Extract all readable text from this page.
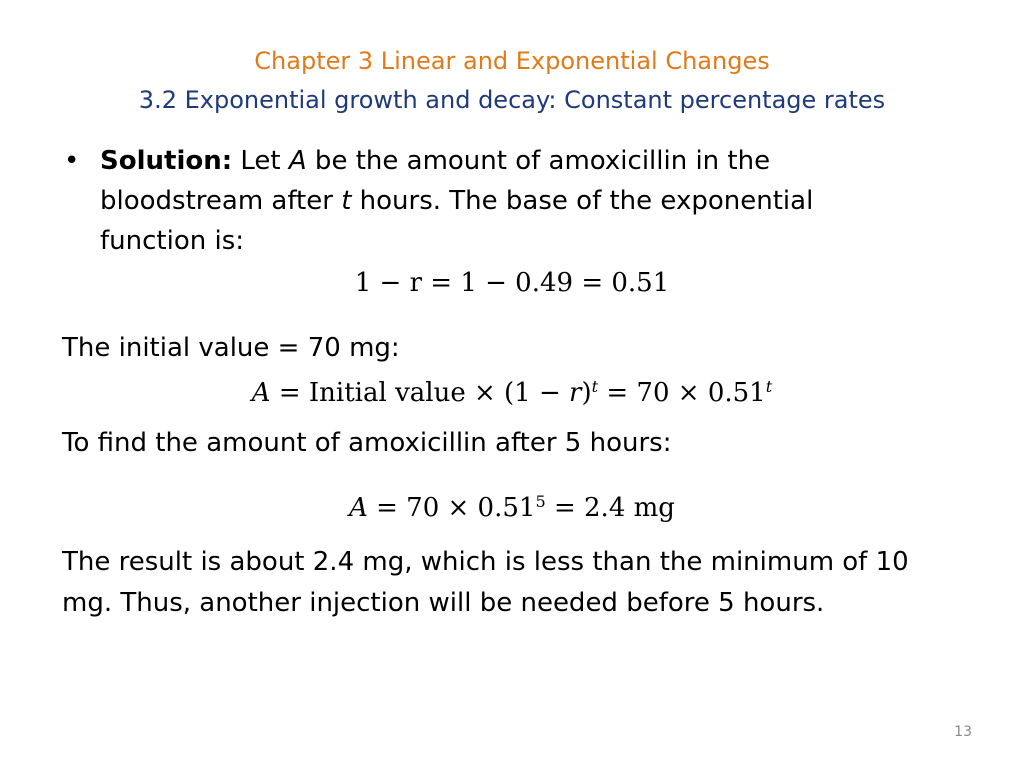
Chapter 3 Linear and Exponential Changes
3.2 Exponential growth and decay: Constant percentage rates
• Solution: Let A be the amount of amoxicillin in the
bloodstream after t hours. The base of the exponential
function is:
1 − r = 1 − 0.49 = 0.51
The initial value = 70 mg:
A = Initial value × $(1 - r)^t = 70 \times 0.51^t$
To find the amount of amoxicillin after 5 hours:
$A = 70 \times 0.51^5 = 2.4$ mg
The result is about 2.4 mg, which is less than the minimum of 10
mg. Thus, another injection will be needed before 5 hours.
13
